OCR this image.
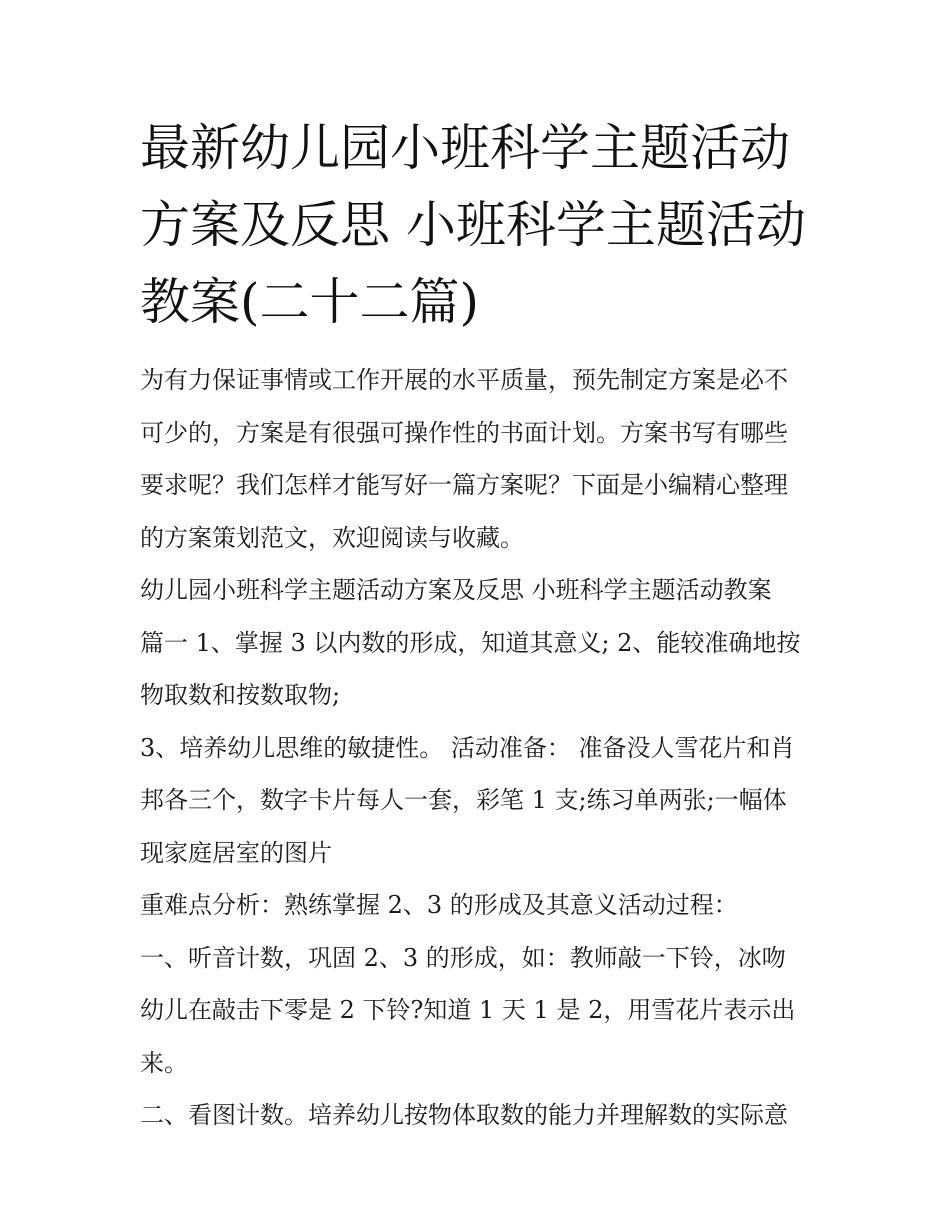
最新幼儿园小班科学主题活动
方案及反思 小班科学主题活动
教案(二十二篇)
为有力保证事情或工作开展的水平质量，预先制定方案是必不
可少的，方案是有很强可操作性的书面计划。方案书写有哪些
要求呢？我们怎样才能写好一篇方案呢？下面是小编精心整理
的方案策划范文，欢迎阅读与收藏。
幼儿园小班科学主题活动方案及反思 小班科学主题活动教案
篇一 1、掌握 3 以内数的形成，知道其意义; 2、能较准确地按
物取数和按数取物;
3、培养幼儿思维的敏捷性。 活动准备： 准备没人雪花片和肖
邦各三个，数字卡片每人一套，彩笔 1 支;练习单两张;一幅体
现家庭居室的图片
重难点分析：熟练掌握 2、3 的形成及其意义活动过程：
一、听音计数，巩固 2、3 的形成，如：教师敲一下铃，冰吻
幼儿在敲击下零是 2 下铃?知道 1 天 1 是 2，用雪花片表示出
来。
二、看图计数。培养幼儿按物体取数的能力并理解数的实际意
